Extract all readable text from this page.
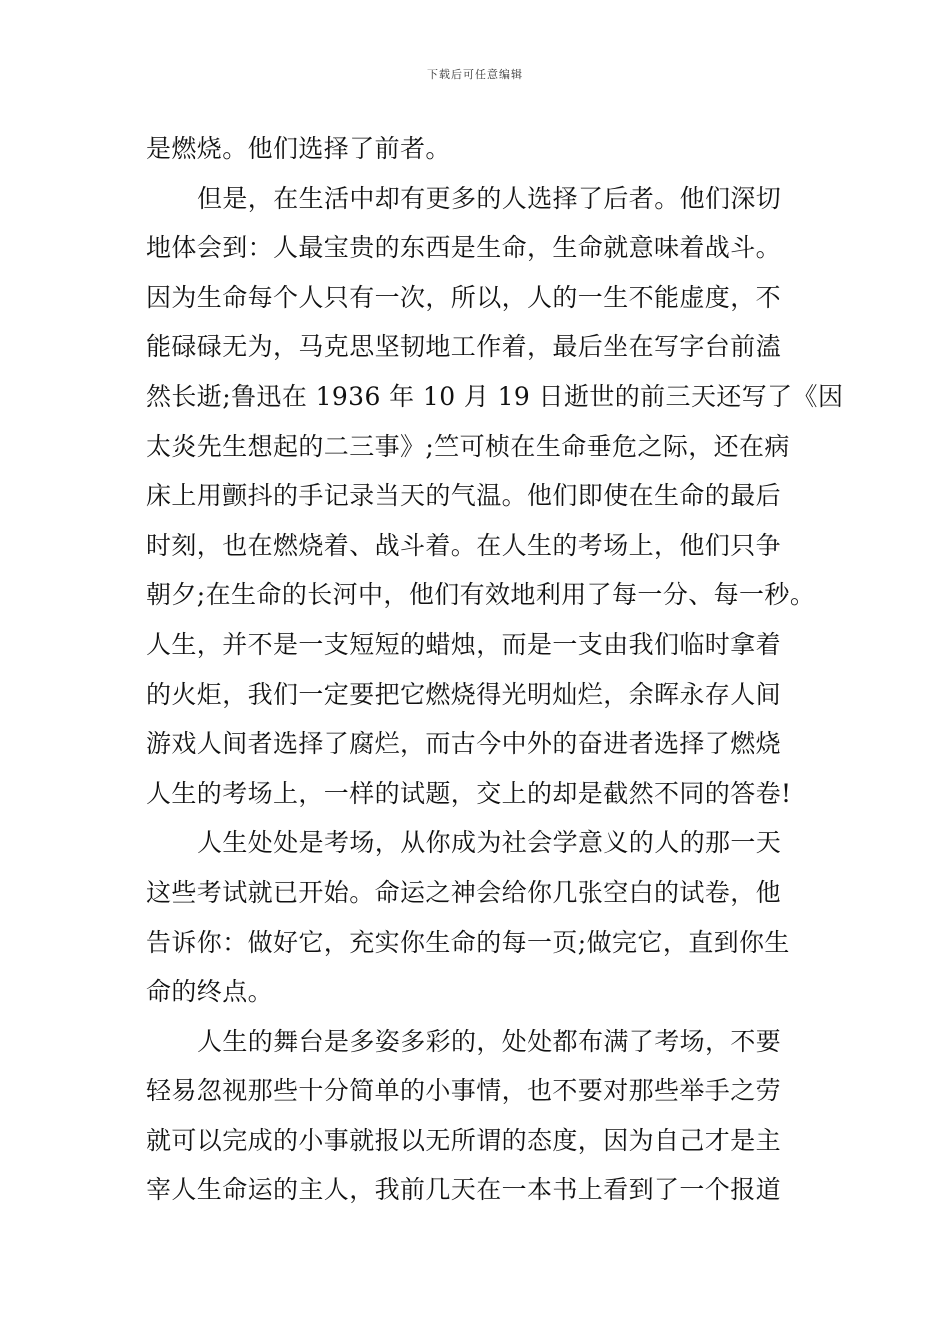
下载后可任意编辑
是燃烧。他们选择了前者。
但是，在生活中却有更多的人选择了后者。他们深切
地体会到：人最宝贵的东西是生命，生命就意味着战斗。
因为生命每个人只有一次，所以，人的一生不能虚度，不
能碌碌无为，马克思坚韧地工作着，最后坐在写字台前溘
然长逝;鲁迅在 1936 年 10 月 19 日逝世的前三天还写了《因
太炎先生想起的二三事》;竺可桢在生命垂危之际，还在病
床上用颤抖的手记录当天的气温。他们即使在生命的最后
时刻，也在燃烧着、战斗着。在人生的考场上，他们只争
朝夕;在生命的长河中，他们有效地利用了每一分、每一秒。
人生，并不是一支短短的蜡烛，而是一支由我们临时拿着
的火炬，我们一定要把它燃烧得光明灿烂，余晖永存人间
游戏人间者选择了腐烂，而古今中外的奋进者选择了燃烧
人生的考场上，一样的试题，交上的却是截然不同的答卷!
人生处处是考场，从你成为社会学意义的人的那一天
这些考试就已开始。命运之神会给你几张空白的试卷，他
告诉你：做好它，充实你生命的每一页;做完它，直到你生
命的终点。
人生的舞台是多姿多彩的，处处都布满了考场，不要
轻易忽视那些十分简单的小事情，也不要对那些举手之劳
就可以完成的小事就报以无所谓的态度，因为自己才是主
宰人生命运的主人，我前几天在一本书上看到了一个报道
